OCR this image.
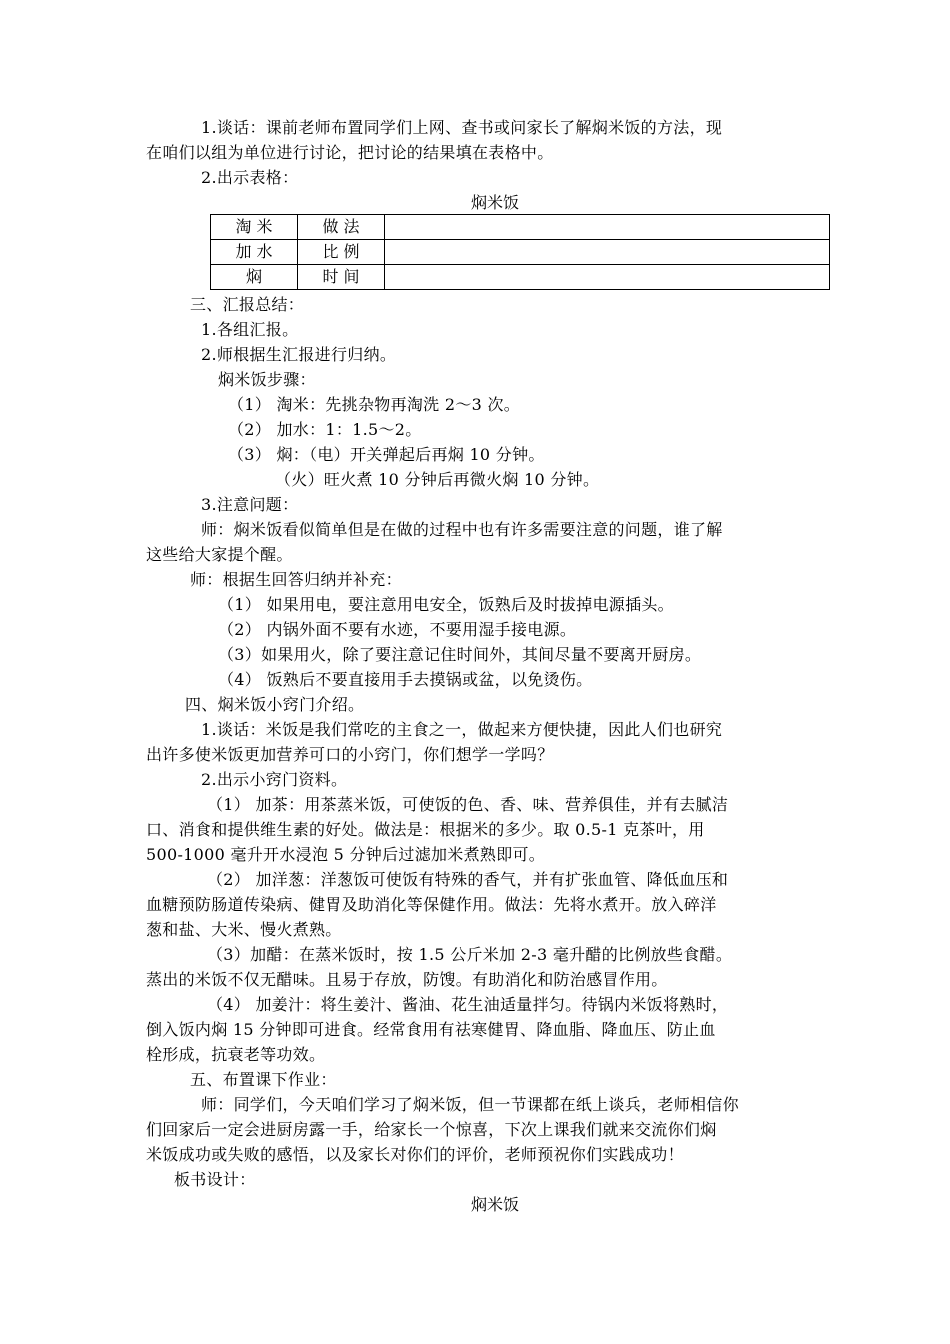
1.谈话：课前老师布置同学们上网、查书或问家长了解焖米饭的方法，现
在咱们以组为单位进行讨论，把讨论的结果填在表格中。
2.出示表格：
焖米饭
淘 米	做 法	
加 水	比 例	
焖	时 间	
三、汇报总结：
1.各组汇报。
2.师根据生汇报进行归纳。
焖米饭步骤：
（1） 淘米：先挑杂物再淘洗 2～3 次。
（2） 加水：1：1.5～2。
（3） 焖：（电）开关弹起后再焖 10 分钟。
（火）旺火煮 10 分钟后再微火焖 10 分钟。
3.注意问题：
师：焖米饭看似简单但是在做的过程中也有许多需要注意的问题，谁了解
这些给大家提个醒。
师：根据生回答归纳并补充：
（1） 如果用电，要注意用电安全，饭熟后及时拔掉电源插头。
（2） 内锅外面不要有水迹，不要用湿手接电源。
（3）如果用火，除了要注意记住时间外，其间尽量不要离开厨房。
（4） 饭熟后不要直接用手去摸锅或盆，以免烫伤。
四、焖米饭小窍门介绍。
1.谈话：米饭是我们常吃的主食之一，做起来方便快捷，因此人们也研究
出许多使米饭更加营养可口的小窍门，你们想学一学吗？
2.出示小窍门资料。
（1） 加茶：用茶蒸米饭，可使饭的色、香、味、营养俱佳，并有去腻洁
口、消食和提供维生素的好处。做法是：根据米的多少。取 0.5-1 克茶叶，用
500-1000 毫升开水浸泡 5 分钟后过滤加米煮熟即可。
（2） 加洋葱：洋葱饭可使饭有特殊的香气，并有扩张血管、降低血压和
血糖预防肠道传染病、健胃及助消化等保健作用。做法：先将水煮开。放入碎洋
葱和盐、大米、慢火煮熟。
（3）加醋：在蒸米饭时，按 1.5 公斤米加 2-3 毫升醋的比例放些食醋。
蒸出的米饭不仅无醋味。且易于存放，防馊。有助消化和防治感冒作用。
（4） 加姜汁：将生姜汁、酱油、花生油适量拌匀。待锅内米饭将熟时，
倒入饭内焖 15 分钟即可进食。经常食用有祛寒健胃、降血脂、降血压、防止血
栓形成，抗衰老等功效。
五、布置课下作业：
师：同学们，今天咱们学习了焖米饭，但一节课都在纸上谈兵，老师相信你
们回家后一定会进厨房露一手，给家长一个惊喜，下次上课我们就来交流你们焖
米饭成功或失败的感悟，以及家长对你们的评价，老师预祝你们实践成功！
板书设计：
焖米饭
